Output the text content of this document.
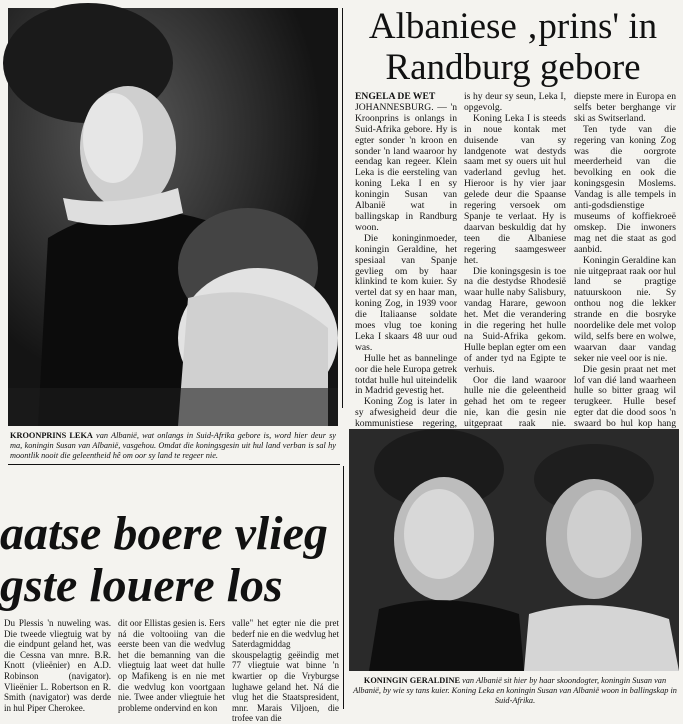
KROONPRINS LEKA van Albanië, wat onlangs in Suid-Afrika gebore is, word hier deur sy ma, koningin Susan van Albanië, vasgehou. Omdat die koningsgesin uit hul land verban is sal hy moontlik nooit die geleentheid hê om oor sy land te regeer nie.
Albaniese ‚prins' in
Randburg gebore

ENGELA DE WET

JOHANNESBURG. — 'n Kroonprins is onlangs in Suid-Afrika gebore. Hy is egter sonder 'n kroon en sonder 'n land waaroor hy eendag kan regeer. Klein Leka is die eersteling van koning Leka I en sy koningin Susan van Albanië wat in ballingskap in Randburg woon.

Die koninginmoeder, koningin Geraldine, het spesiaal van Spanje gevlieg om by haar klinkind te kom kuier. Sy vertel dat sy en haar man, koning Zog, in 1939 voor die Italiaanse soldate moes vlug toe koning Leka I skaars 48 uur oud was.

Hulle het as bannelinge oor die hele Europa getrek totdat hulle hul uiteindelik in Madrid gevestig het.

Koning Zog is later in sy afwesigheid deur die kommunistiese regering,

is hy deur sy seun, Leka I, opgevolg.

Koning Leka I is steeds in noue kontak met duisende van sy landgenote wat destyds saam met sy ouers uit hul vaderland gevlug het. Hieroor is hy vier jaar gelede deur die Spaanse regering versoek om Spanje te verlaat. Hy is daarvan beskuldig dat hy teen die Albaniese regering saamgesweer het.

Die koningsgesin is toe na die destydse Rhodesië waar hulle naby Salisbury, vandag Harare, gewoon het. Met die verandering in die regering het hulle na Suid-Afrika gekom. Hulle beplan egter om een of ander tyd na Egipte te verhuis.

Oor die land waaroor hulle nie die geleentheid gehad het om te regeer nie, kan die gesin nie uitgepraat raak nie.

diepste mere in Europa en selfs beter berghange vir ski as Switserland.

Ten tyde van die regering van koning Zog was die oorgrote meerderheid van die bevolking en ook die koningsgesin Moslems. Vandag is alle tempels in anti-godsdienstige museums of koffiekroeë omskep. Die inwoners mag net die staat as god aanbid.

Koningin Geraldine kan nie uitgepraat raak oor hul land se pragtige natuurskoon nie. Sy onthou nog die lekker strande en die bosryke noordelike dele met volop wild, selfs bere en wolwe, waarvan daar vandag seker nie veel oor is nie.

Die gesin praat net met lof van dié land waarheen hulle so bitter graag wil terugkeer. Hulle besef egter dat die dood soos 'n swaard bo hul kop hang

KONINGIN GERALDINE van Albanië sit hier by haar skoondogter, koningin Susan van Albanië, by wie sy tans kuier. Koning Leka en koningin Susan van Albanië woon in ballingskap in Suid-Afrika.
aatse boere vlieg
gste louere los

Du Plessis 'n nuweling was. Die tweede vliegtuig wat by die eindpunt geland het, was die Cessna van mnre. B.R. Knott (vlieënier) en A.D. Robinson (navigator). Vlieënier L. Robertson en R. Smith (navigator) was derde in hul Piper Cherokee.

dit oor Ellistas gesien is. Eers ná die voltooiing van die eerste been van die wedvlug het die bemanning van die vliegtuig laat weet dat hulle op Mafikeng is en nie met die wedvlug kon voortgaan nie. Twee ander vliegtuie het probleme ondervind en kon

valle" het egter nie die pret bederf nie en die wedvlug het Saterdagmiddag skouspelagtig geëindig met 77 vliegtuie wat binne 'n kwartier op die Vryburgse lughawe geland het. Ná die vlug het die Staatspresident, mnr. Marais Viljoen, die trofee van die
